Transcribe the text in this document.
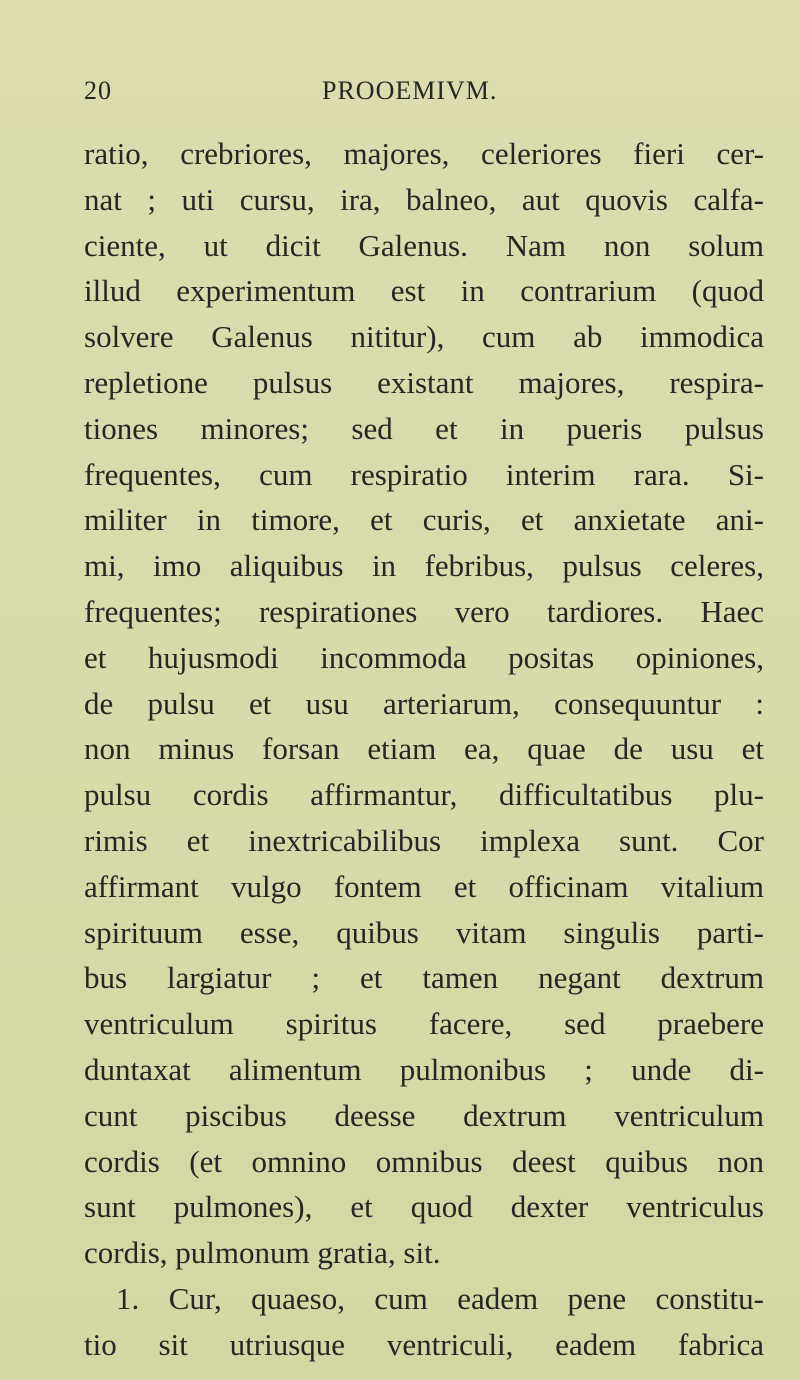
20	PROOEMIVM.
ratio, crebriores, majores, celeriores fieri cer-
nat ; uti cursu, ira, balneo, aut quovis calfa-
ciente, ut dicit Galenus. Nam non solum
illud experimentum est in contrarium (quod
solvere Galenus nititur), cum ab immodica
repletione pulsus existant majores, respira-
tiones minores; sed et in pueris pulsus
frequentes, cum respiratio interim rara. Si-
militer in timore, et curis, et anxietate ani-
mi, imo aliquibus in febribus, pulsus celeres,
frequentes; respirationes vero tardiores. Haec
et hujusmodi incommoda positas opiniones,
de pulsu et usu arteriarum, consequuntur :
non minus forsan etiam ea, quae de usu et
pulsu cordis affirmantur, difficultatibus plu-
rimis et inextricabilibus implexa sunt. Cor
affirmant vulgo fontem et officinam vitalium
spirituum esse, quibus vitam singulis parti-
bus largiatur ; et tamen negant dextrum
ventriculum spiritus facere, sed praebere
duntaxat alimentum pulmonibus ; unde di-
cunt piscibus deesse dextrum ventriculum
cordis (et omnino omnibus deest quibus non
sunt pulmones), et quod dexter ventriculus
cordis, pulmonum gratia, sit.
1. Cur, quaeso, cum eadem pene constitu-
tio sit utriusque ventriculi, eadem fabrica
